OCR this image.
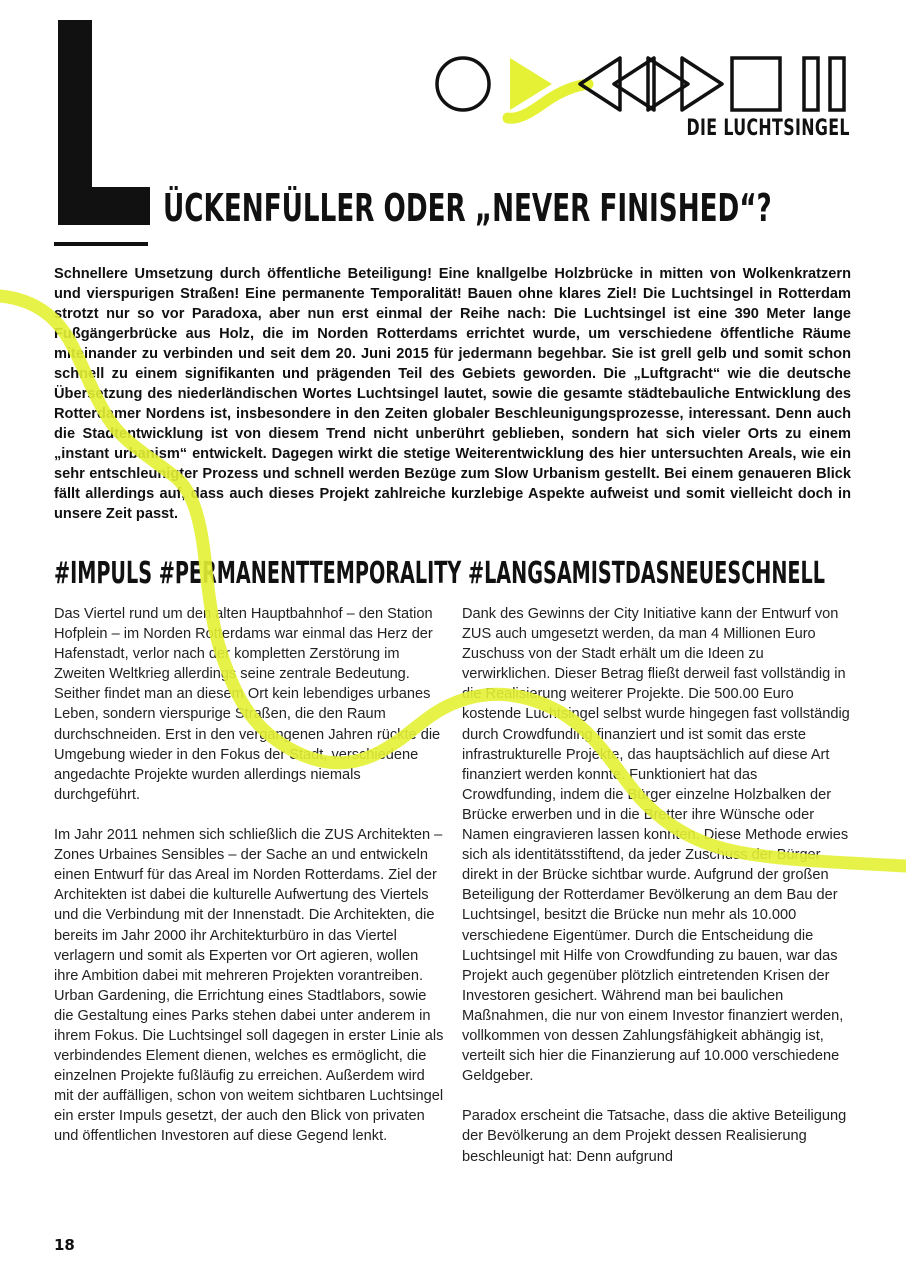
DIE LUCHTSINGEL
ÜCKENFÜLLER ODER „NEVER FINISHED“?

Schnellere Umsetzung durch öffentliche Beteiligung! Eine knallgelbe Holzbrücke in mitten von Wolkenkratzern und vierspurigen Straßen! Eine permanente Temporalität! Bauen ohne klares Ziel! Die Luchtsingel in Rotterdam strotzt nur so vor Paradoxa, aber nun erst einmal der Reihe nach: Die Luchtsingel ist eine 390 Meter lange Fußgängerbrücke aus Holz, die im Norden Rotterdams errichtet wurde, um verschiedene öffentliche Räume miteinander zu verbinden und seit dem 20. Juni 2015 für jedermann begehbar. Sie ist grell gelb und somit schon schnell zu einem signifikanten und prägenden Teil des Gebiets geworden. Die „Luftgracht“ wie die deutsche Übersetzung des niederländischen Wortes Luchtsingel lautet, sowie die gesamte städtebauliche Entwicklung des Rotterdamer Nordens ist, insbesondere in den Zeiten globaler Beschleunigungsprozesse, interessant. Denn auch die Stadtentwicklung ist von diesem Trend nicht unberührt geblieben, sondern hat sich vieler Orts zu einem „instant urbanism“ entwickelt. Dagegen wirkt die stetige Weiterentwicklung des hier untersuchten Areals, wie ein sehr entschleunigter Prozess und schnell werden Bezüge zum Slow Urbanism gestellt. Bei einem genaueren Blick fällt allerdings auf, dass auch dieses Projekt zahlreiche kurzlebige Aspekte aufweist und somit vielleicht doch in unsere Zeit passt.

#IMPULS #PERMANENTTEMPORALITY #LANGSAMISTDASNEUESCHNELL

Das Viertel rund um den alten Hauptbahnhof – den Station Hofplein – im Norden Rotterdams war einmal das Herz der Hafenstadt, verlor nach der kompletten Zerstörung im Zweiten Weltkrieg allerdings seine zentrale Bedeutung. Seither findet man an diesem Ort kein lebendiges urbanes Leben, sondern vierspurige Straßen, die den Raum durchschneiden. Erst in den vergangenen Jahren rückte die Umgebung wieder in den Fokus der Stadt, verschiedene angedachte Projekte wurden allerdings niemals durchgeführt.

Im Jahr 2011 nehmen sich schließlich die ZUS Architekten – Zones Urbaines Sensibles – der Sache an und entwickeln einen Entwurf für das Areal im Norden Rotterdams. Ziel der Architekten ist dabei die kulturelle Aufwertung des Viertels und die Verbindung mit der Innenstadt. Die Architekten, die bereits im Jahr 2000 ihr Architekturbüro in das Viertel verlagern und somit als Experten vor Ort agieren, wollen ihre Ambition dabei mit mehreren Projekten vorantreiben. Urban Gardening, die Errichtung eines Stadtlabors, sowie die Gestaltung eines Parks stehen dabei unter anderem in ihrem Fokus. Die Luchtsingel soll dagegen in erster Linie als verbindendes Element dienen, welches es ermöglicht, die einzelnen Projekte fußläufig zu erreichen. Außerdem wird mit der auffälligen, schon von weitem sichtbaren Luchtsingel ein erster Impuls gesetzt, der auch den Blick von privaten und öffentlichen Investoren auf diese Gegend lenkt.

Dank des Gewinns der City Initiative kann der Entwurf von ZUS auch umgesetzt werden, da man 4 Millionen Euro Zuschuss von der Stadt erhält um die Ideen zu verwirklichen. Dieser Betrag fließt derweil fast vollständig in die Realisierung weiterer Projekte. Die 500.00 Euro kostende Luchtsingel selbst wurde hingegen fast vollständig durch Crowdfunding finanziert und ist somit das erste infrastrukturelle Projekte, das hauptsächlich auf diese Art finanziert werden konnte. Funktioniert hat das Crowdfunding, indem die Bürger einzelne Holzbalken der Brücke erwerben und in die Bretter ihre Wünsche oder Namen eingravieren lassen konnten. Diese Methode erwies sich als identitätsstiftend, da jeder Zuschuss der Bürger direkt in der Brücke sichtbar wurde. Aufgrund der großen Beteiligung der Rotterdamer Bevölkerung an dem Bau der Luchtsingel, besitzt die Brücke nun mehr als 10.000 verschiedene Eigentümer. Durch die Entscheidung die Luchtsingel mit Hilfe von Crowdfunding zu bauen, war das Projekt auch gegenüber plötzlich eintretenden Krisen der Investoren gesichert. Während man bei baulichen Maßnahmen, die nur von einem Investor finanziert werden, vollkommen von dessen Zahlungsfähigkeit abhängig ist, verteilt sich hier die Finanzierung auf 10.000 verschiedene Geldgeber.

Paradox erscheint die Tatsache, dass die aktive Beteiligung der Bevölkerung an dem Projekt dessen Realisierung beschleunigt hat: Denn aufgrund

18
